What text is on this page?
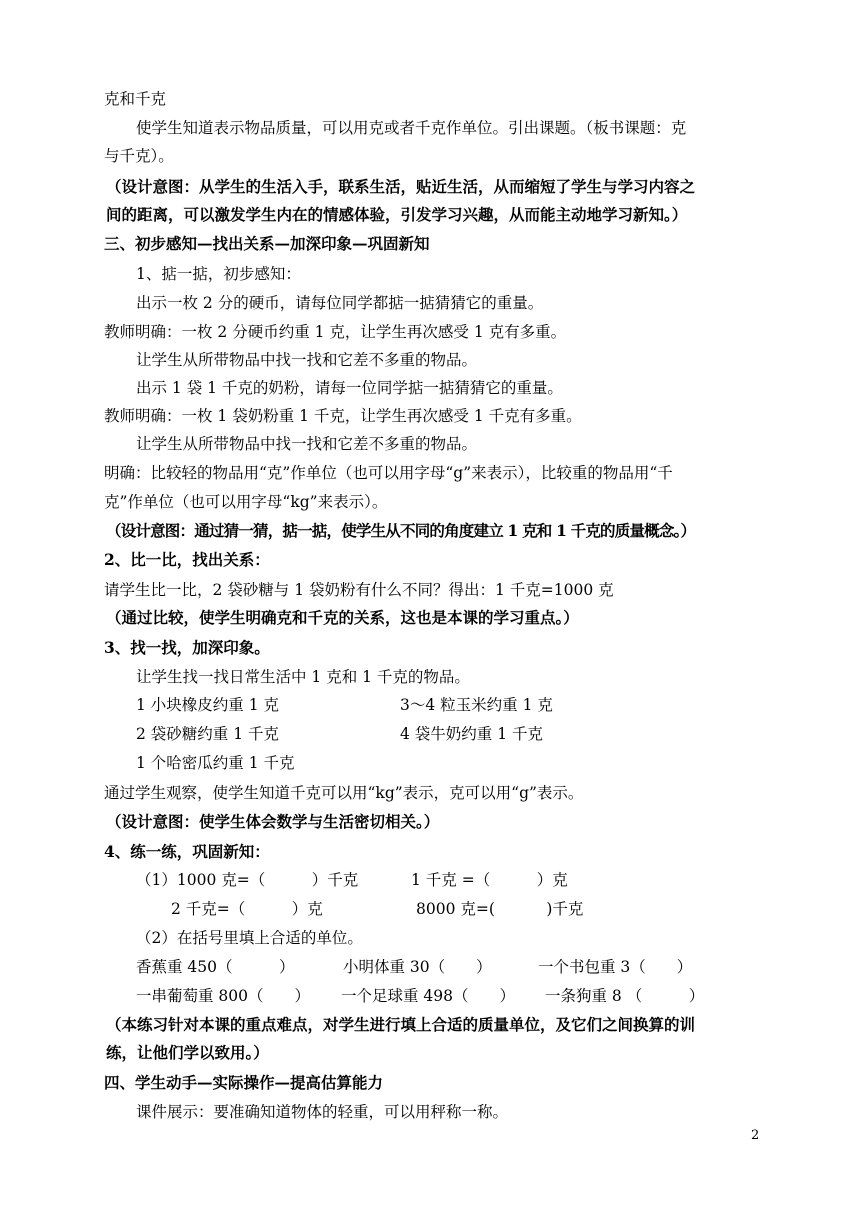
克和千克
使学生知道表示物品质量，可以用克或者千克作单位。引出课题。（板书课题：克
与千克）。
（设计意图：从学生的生活入手，联系生活，贴近生活，从而缩短了学生与学习内容之
间的距离，可以激发学生内在的情感体验，引发学习兴趣，从而能主动地学习新知。）
三、初步感知—找出关系—加深印象—巩固新知
1、掂一掂，初步感知：
出示一枚 2 分的硬币，请每位同学都掂一掂猜猜它的重量。
教师明确：一枚 2 分硬币约重 1 克，让学生再次感受 1 克有多重。
让学生从所带物品中找一找和它差不多重的物品。
出示 1 袋 1 千克的奶粉，请每一位同学掂一掂猜猜它的重量。
教师明确：一枚 1 袋奶粉重 1 千克，让学生再次感受 1 千克有多重。
让学生从所带物品中找一找和它差不多重的物品。
明确：比较轻的物品用“克”作单位（也可以用字母“g”来表示），比较重的物品用“千
克”作单位（也可以用字母“kg”来表示）。
（设计意图：通过猜一猜，掂一掂，使学生从不同的角度建立 1 克和 1 千克的质量概念。）
2、比一比，找出关系：
请学生比一比，2 袋砂糖与 1 袋奶粉有什么不同？得出：1 千克=1000 克
（通过比较，使学生明确克和千克的关系，这也是本课的学习重点。）
3、找一找，加深印象。
让学生找一找日常生活中 1 克和 1 千克的物品。
1 小块橡皮约重 1 克	3～4 粒玉米约重 1 克
2 袋砂糖约重 1 千克	4 袋牛奶约重 1 千克
1 个哈密瓜约重 1 千克
通过学生观察，使学生知道千克可以用“kg”表示，克可以用“g”表示。
（设计意图：使学生体会数学与生活密切相关。）
4、练一练，巩固新知：
（1）1000 克=（　　　）千克	1 千克 =（　　　）克
2 千克=（　　　）克	8000 克=(　　　 )千克
（2）在括号里填上合适的单位。
香蕉重 450（　　　）	小明体重 30（　　）	一个书包重 3（　　）
一串葡萄重 800（　　） 一个足球重 498（　　） 一条狗重 8 （　　　）
（本练习针对本课的重点难点，对学生进行填上合适的质量单位，及它们之间换算的训
练，让他们学以致用。）
四、学生动手—实际操作—提高估算能力
课件展示：要准确知道物体的轻重，可以用秤称一称。
2
